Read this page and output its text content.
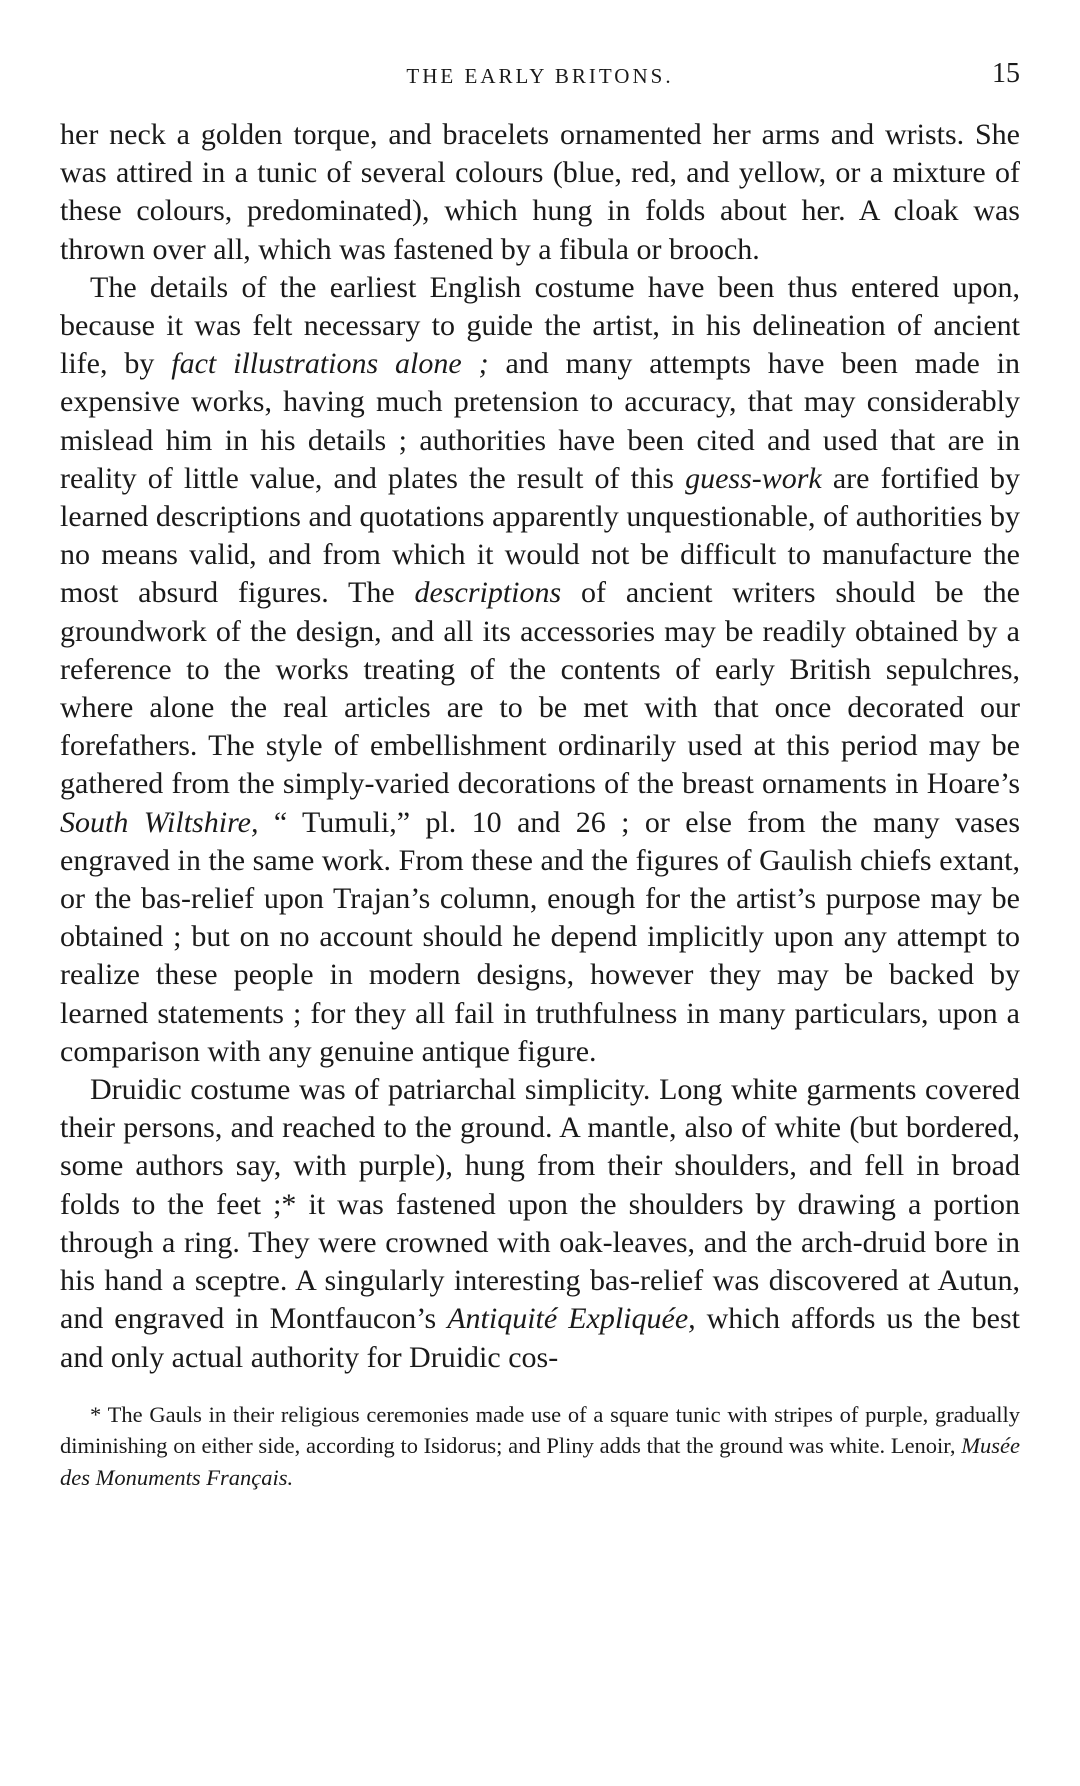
THE EARLY BRITONS.	15

her neck a golden torque, and bracelets ornamented her arms and wrists. She was attired in a tunic of several colours (blue, red, and yellow, or a mixture of these colours, predominated), which hung in folds about her. A cloak was thrown over all, which was fastened by a fibula or brooch.

The details of the earliest English costume have been thus entered upon, because it was felt necessary to guide the artist, in his delineation of ancient life, by fact illustrations alone ; and many attempts have been made in expensive works, having much pretension to accuracy, that may considerably mislead him in his details ; authorities have been cited and used that are in reality of little value, and plates the result of this guess-work are fortified by learned descriptions and quotations apparently unquestionable, of authorities by no means valid, and from which it would not be difficult to manufacture the most absurd figures. The descriptions of ancient writers should be the groundwork of the design, and all its accessories may be readily obtained by a reference to the works treating of the contents of early British sepulchres, where alone the real articles are to be met with that once decorated our forefathers. The style of embellishment ordinarily used at this period may be gathered from the simply-varied decorations of the breast ornaments in Hoare’s South Wiltshire, “ Tumuli,” pl. 10 and 26 ; or else from the many vases engraved in the same work. From these and the figures of Gaulish chiefs extant, or the bas-relief upon Trajan’s column, enough for the artist’s purpose may be obtained ; but on no account should he depend implicitly upon any attempt to realize these people in modern designs, however they may be backed by learned statements ; for they all fail in truthfulness in many particulars, upon a comparison with any genuine antique figure.

Druidic costume was of patriarchal simplicity. Long white garments covered their persons, and reached to the ground. A mantle, also of white (but bordered, some authors say, with purple), hung from their shoulders, and fell in broad folds to the feet ;* it was fastened upon the shoulders by drawing a portion through a ring. They were crowned with oak-leaves, and the arch-druid bore in his hand a sceptre. A singularly interesting bas-relief was discovered at Autun, and engraved in Montfaucon’s Antiquité Expliquée, which affords us the best and only actual authority for Druidic cos-

* The Gauls in their religious ceremonies made use of a square tunic with stripes of purple, gradually diminishing on either side, according to Isidorus; and Pliny adds that the ground was white. Lenoir, Musée des Monuments Français.
